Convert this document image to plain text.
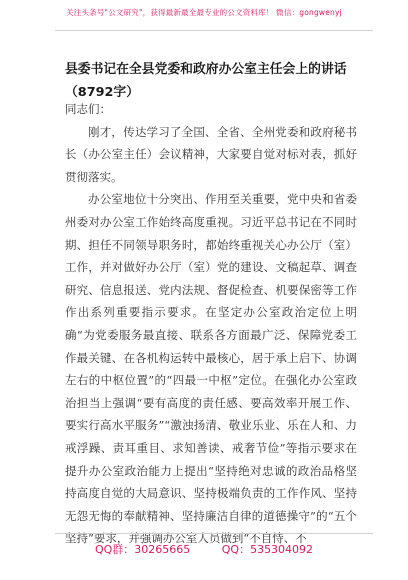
关注头条号"公文研究"，获得最新最全最专业的公文资料库！ 微信：gongwenyj
县委书记在全县党委和政府办公室主任会上的讲话（8792字）

同志们：

刚才，传达学习了全国、全省、全州党委和政府秘书长（办公室主任）会议精神，大家要自觉对标对表，抓好贯彻落实。

办公室地位十分突出、作用至关重要，党中央和省委州委对办公室工作始终高度重视。习近平总书记在不同时期、担任不同领导职务时，都始终重视关心办公厅（室）工作，并对做好办公厅（室）党的建设、文稿起草、调查研究、信息报送、党内法规、督促检查、机要保密等工作作出系列重要指示要求。在坚定办公室政治定位上明确“为党委服务最直接、联系各方面最广泛、保障党委工作最关键、在各机构运转中最核心，居于承上启下、协调左右的中枢位置”的“四最一中枢”定位。在强化办公室政治担当上强调“要有高度的责任感、要高效率开展工作、要实行高水平服务”“激浊扬清、敬业乐业、乐在人和、力戒浮躁、责耳重目、求知善读、戒奢节俭”等指示要求在提升办公室政治能力上提出“坚持绝对忠诚的政治品格坚持高度自觉的大局意识、坚持极端负责的工作作风、坚持无怨无悔的奉献精神、坚持廉洁自律的道德操守”的“五个坚持”要求，并强调办公室人员做到“不自恃、不

QQ群：30265665	QQ：535304092
